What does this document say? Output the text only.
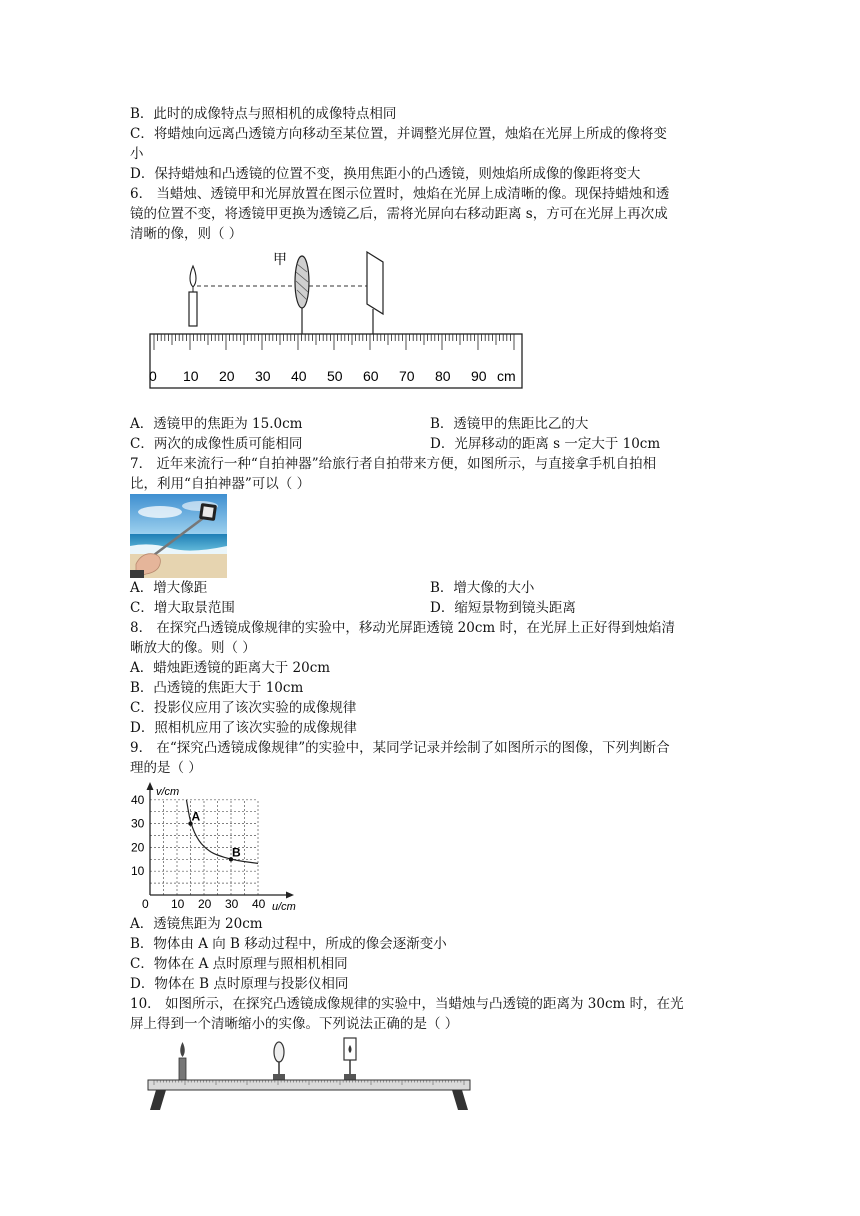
B．此时的成像特点与照相机的成像特点相同
C．将蜡烛向远离凸透镜方向移动至某位置，并调整光屏位置，烛焰在光屏上所成的像将变
小
D．保持蜡烛和凸透镜的位置不变，换用焦距小的凸透镜，则烛焰所成像的像距将变大
6． 当蜡烛、透镜甲和光屏放置在图示位置时，烛焰在光屏上成清晰的像。现保持蜡烛和透
镜的位置不变，将透镜甲更换为透镜乙后，需将光屏向右移动距离 s，方可在光屏上再次成
清晰的像，则（ ）
甲
0 10 20 30 40 50 60 70 80 90 cm
A．透镜甲的焦距为 15.0cm	B．透镜甲的焦距比乙的大
C．两次的成像性质可能相同	D．光屏移动的距离 s 一定大于 10cm
7． 近年来流行一种“自拍神器”给旅行者自拍带来方便，如图所示，与直接拿手机自拍相
比，利用“自拍神器”可以（ ）
A．增大像距	B．增大像的大小
C．增大取景范围	D．缩短景物到镜头距离
8． 在探究凸透镜成像规律的实验中，移动光屏距透镜 20cm 时，在光屏上正好得到烛焰清
晰放大的像。则（ ）
A．蜡烛距透镜的距离大于 20cm
B．凸透镜的焦距大于 10cm
C．投影仪应用了该次实验的成像规律
D．照相机应用了该次实验的成像规律
9． 在“探究凸透镜成像规律”的实验中，某同学记录并绘制了如图所示的图像，下列判断合
理的是（ ）
v/cm
u/cm
0 10 20 30 40
10
20
30
40
A
B
A．透镜焦距为 20cm
B．物体由 A 向 B 移动过程中，所成的像会逐渐变小
C．物体在 A 点时原理与照相机相同
D．物体在 B 点时原理与投影仪相同
10． 如图所示，在探究凸透镜成像规律的实验中，当蜡烛与凸透镜的距离为 30cm 时，在光
屏上得到一个清晰缩小的实像。下列说法正确的是（ ）
